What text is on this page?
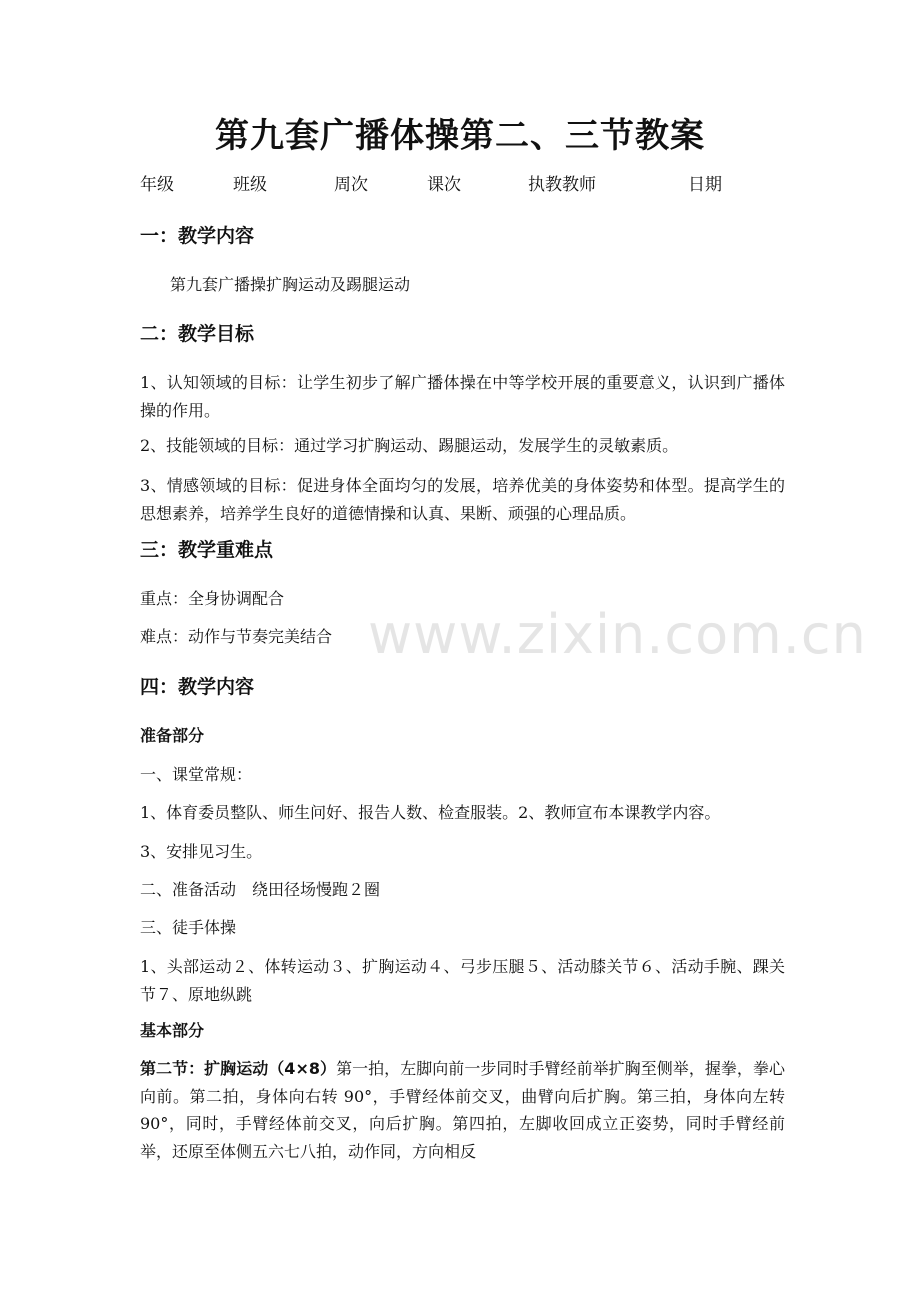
第九套广播体操第二、三节教案
年级	班级	周次	课次	执教教师	日期
一：教学内容
第九套广播操扩胸运动及踢腿运动
二：教学目标
1、认知领域的目标：让学生初步了解广播体操在中等学校开展的重要意义，认识到广播体操的作用。
2、技能领域的目标：通过学习扩胸运动、踢腿运动，发展学生的灵敏素质。
3、情感领域的目标：促进身体全面均匀的发展，培养优美的身体姿势和体型。提高学生的思想素养，培养学生良好的道德情操和认真、果断、顽强的心理品质。
三：教学重难点
重点：全身协调配合
难点：动作与节奏完美结合
四：教学内容
准备部分
一、课堂常规：
1、体育委员整队、师生问好、报告人数、检查服装。2、教师宣布本课教学内容。
3、安排见习生。
二、准备活动　绕田径场慢跑２圈
三、徒手体操
1、头部运动２、体转运动３、扩胸运动４、弓步压腿５、活动膝关节６、活动手腕、踝关节７、原地纵跳
基本部分
第二节：扩胸运动（4×8）第一拍，左脚向前一步同时手臂经前举扩胸至侧举，握拳，拳心向前。第二拍，身体向右转 90°，手臂经体前交叉，曲臂向后扩胸。第三拍，身体向左转 90°，同时，手臂经体前交叉，向后扩胸。第四拍，左脚收回成立正姿势，同时手臂经前举，还原至体侧五六七八拍，动作同，方向相反
www.zixin.com.cn
